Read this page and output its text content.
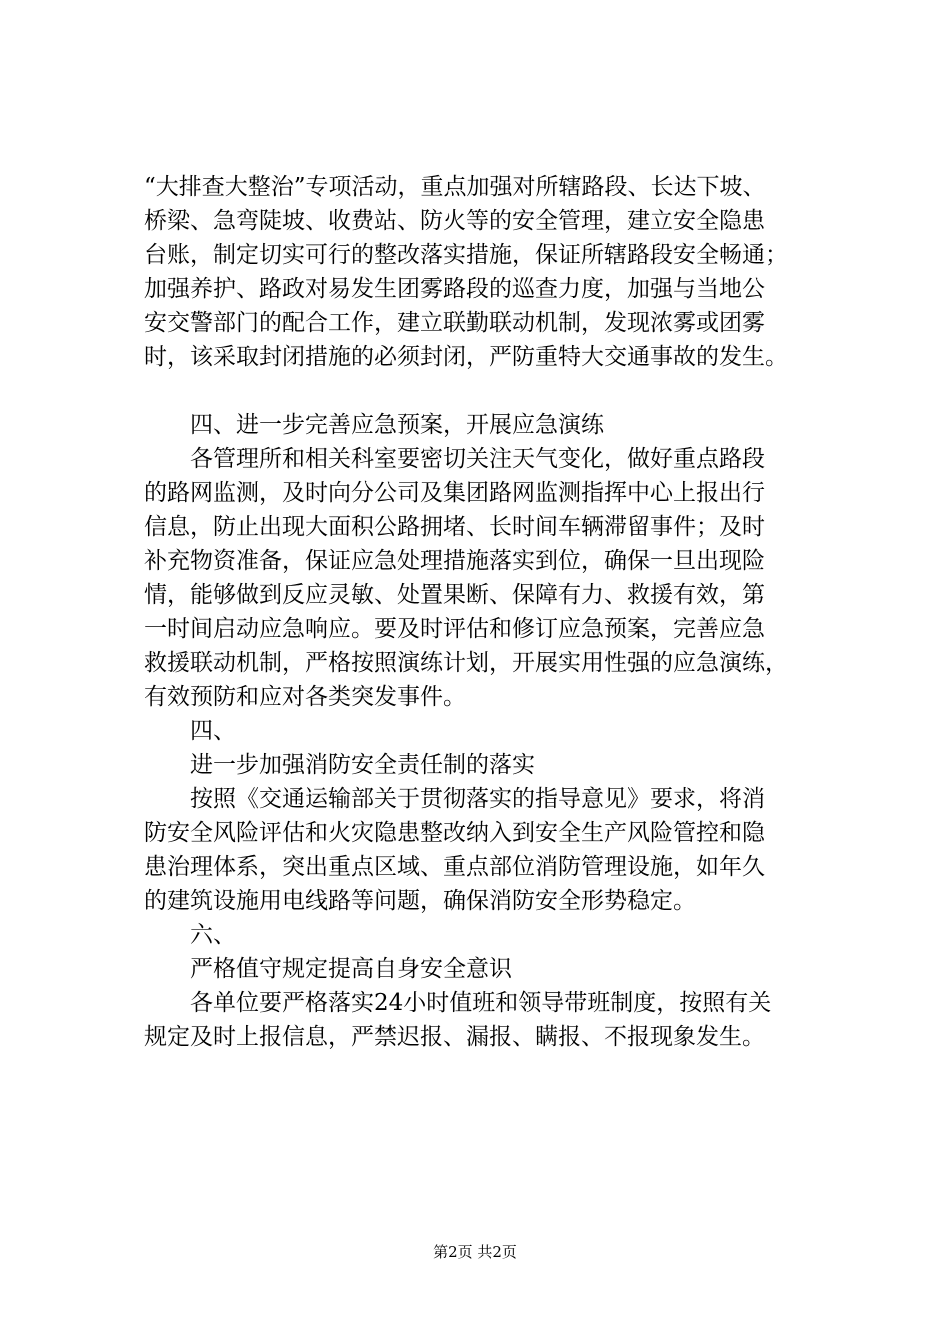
“大排查大整治”专项活动，重点加强对所辖路段、长达下坡、
桥梁、急弯陡坡、收费站、防火等的安全管理，建立安全隐患
台账，制定切实可行的整改落实措施，保证所辖路段安全畅通；
加强养护、路政对易发生团雾路段的巡查力度，加强与当地公
安交警部门的配合工作，建立联勤联动机制，发现浓雾或团雾
时，该采取封闭措施的必须封闭，严防重特大交通事故的发生。
　　四、进一步完善应急预案，开展应急演练
　　各管理所和相关科室要密切关注天气变化，做好重点路段
的路网监测，及时向分公司及集团路网监测指挥中心上报出行
信息，防止出现大面积公路拥堵、长时间车辆滞留事件；及时
补充物资准备，保证应急处理措施落实到位，确保一旦出现险
情，能够做到反应灵敏、处置果断、保障有力、救援有效，第
一时间启动应急响应。要及时评估和修订应急预案，完善应急
救援联动机制，严格按照演练计划，开展实用性强的应急演练，
有效预防和应对各类突发事件。
　　四、
　　进一步加强消防安全责任制的落实
　　按照《交通运输部关于贯彻落实的指导意见》要求，将消
防安全风险评估和火灾隐患整改纳入到安全生产风险管控和隐
患治理体系，突出重点区域、重点部位消防管理设施，如年久
的建筑设施用电线路等问题，确保消防安全形势稳定。
　　六、
　　严格值守规定提高自身安全意识
　　各单位要严格落实24小时值班和领导带班制度，按照有关
规定及时上报信息，严禁迟报、漏报、瞒报、不报现象发生。
第2页 共2页
